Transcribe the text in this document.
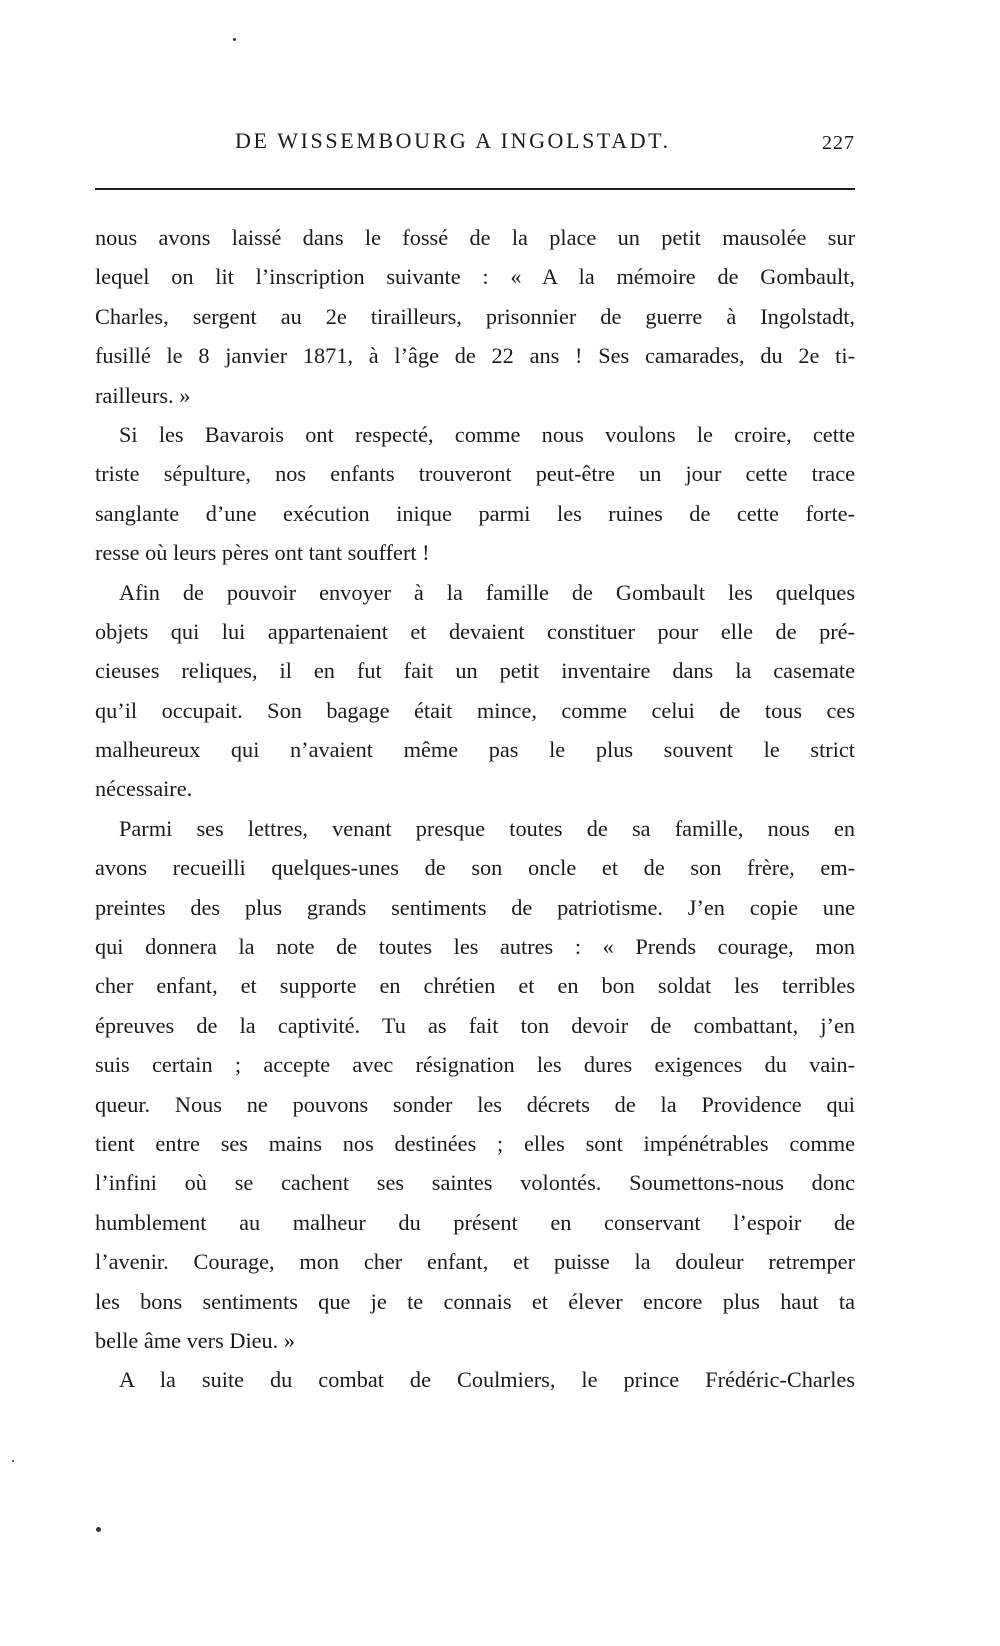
DE WISSEMBOURG A INGOLSTADT.	227
nous avons laissé dans le fossé de la place un petit mausolée sur
lequel on lit l’inscription suivante : « A la mémoire de Gombault,
Charles, sergent au 2e tirailleurs, prisonnier de guerre à Ingolstadt,
fusillé le 8 janvier 1871, à l’âge de 22 ans ! Ses camarades, du 2e ti-
railleurs. »
Si les Bavarois ont respecté, comme nous voulons le croire, cette
triste sépulture, nos enfants trouveront peut-être un jour cette trace
sanglante d’une exécution inique parmi les ruines de cette forte-
resse où leurs pères ont tant souffert !
Afin de pouvoir envoyer à la famille de Gombault les quelques
objets qui lui appartenaient et devaient constituer pour elle de pré-
cieuses reliques, il en fut fait un petit inventaire dans la casemate
qu’il occupait. Son bagage était mince, comme celui de tous ces
malheureux qui n’avaient même pas le plus souvent le strict
nécessaire.
Parmi ses lettres, venant presque toutes de sa famille, nous en
avons recueilli quelques-unes de son oncle et de son frère, em-
preintes des plus grands sentiments de patriotisme. J’en copie une
qui donnera la note de toutes les autres : « Prends courage, mon
cher enfant, et supporte en chrétien et en bon soldat les terribles
épreuves de la captivité. Tu as fait ton devoir de combattant, j’en
suis certain ; accepte avec résignation les dures exigences du vain-
queur. Nous ne pouvons sonder les décrets de la Providence qui
tient entre ses mains nos destinées ; elles sont impénétrables comme
l’infini où se cachent ses saintes volontés. Soumettons-nous donc
humblement au malheur du présent en conservant l’espoir de
l’avenir. Courage, mon cher enfant, et puisse la douleur retremper
les bons sentiments que je te connais et élever encore plus haut ta
belle âme vers Dieu. »
A la suite du combat de Coulmiers, le prince Frédéric-Charles
